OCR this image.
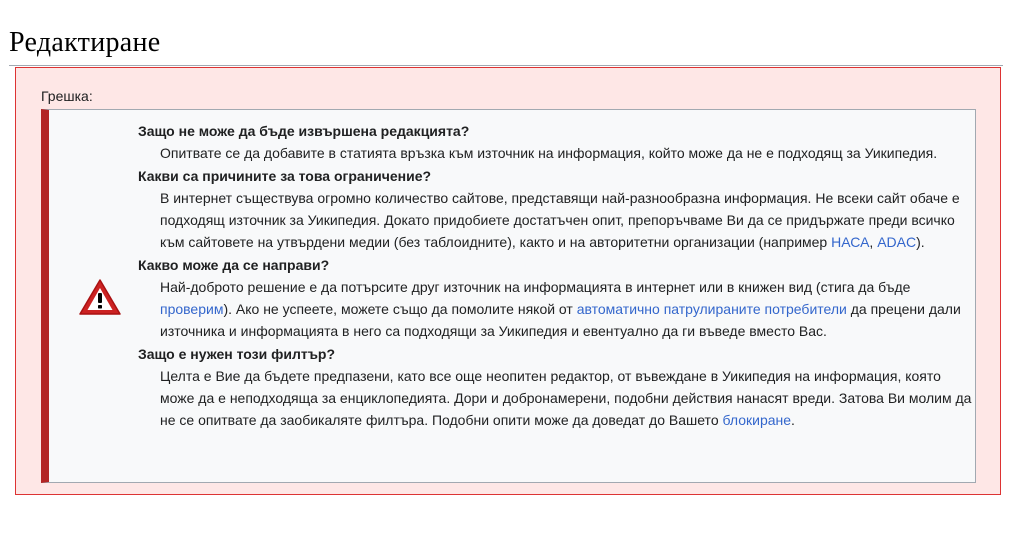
Редактиране
Грешка:

Защо не може да бъде извършена редакцията?

Опитвате се да добавите в статията връзка към източник на информация, който може да не е подходящ за Уикипедия.

Какви са причините за това ограничение?

В интернет съществува огромно количество сайтове, представящи най-разнообразна информация. Не всеки сайт обаче е подходящ източник за Уикипедия. Докато придобиете достатъчен опит, препоръчваме Ви да се придържате преди всичко към сайтовете на утвърдени медии (без таблоидните), както и на авторитетни организации (например НАСА, ADAC).

Какво може да се направи?

Най-доброто решение е да потърсите друг източник на информацията в интернет или в книжен вид (стига да бъде проверим). Ако не успеете, можете също да помолите някой от автоматично патрулираните потребители да прецени дали източника и информацията в него са подходящи за Уикипедия и евентуално да ги въведе вместо Вас.

Защо е нужен този филтър?

Целта е Вие да бъдете предпазени, като все още неопитен редактор, от въвеждане в Уикипедия на информация, която може да е неподходяща за енциклопедията. Дори и добронамерени, подобни действия нанасят вреди. Затова Ви молим да не се опитвате да заобикаляте филтъра. Подобни опити може да доведат до Вашето блокиране.
